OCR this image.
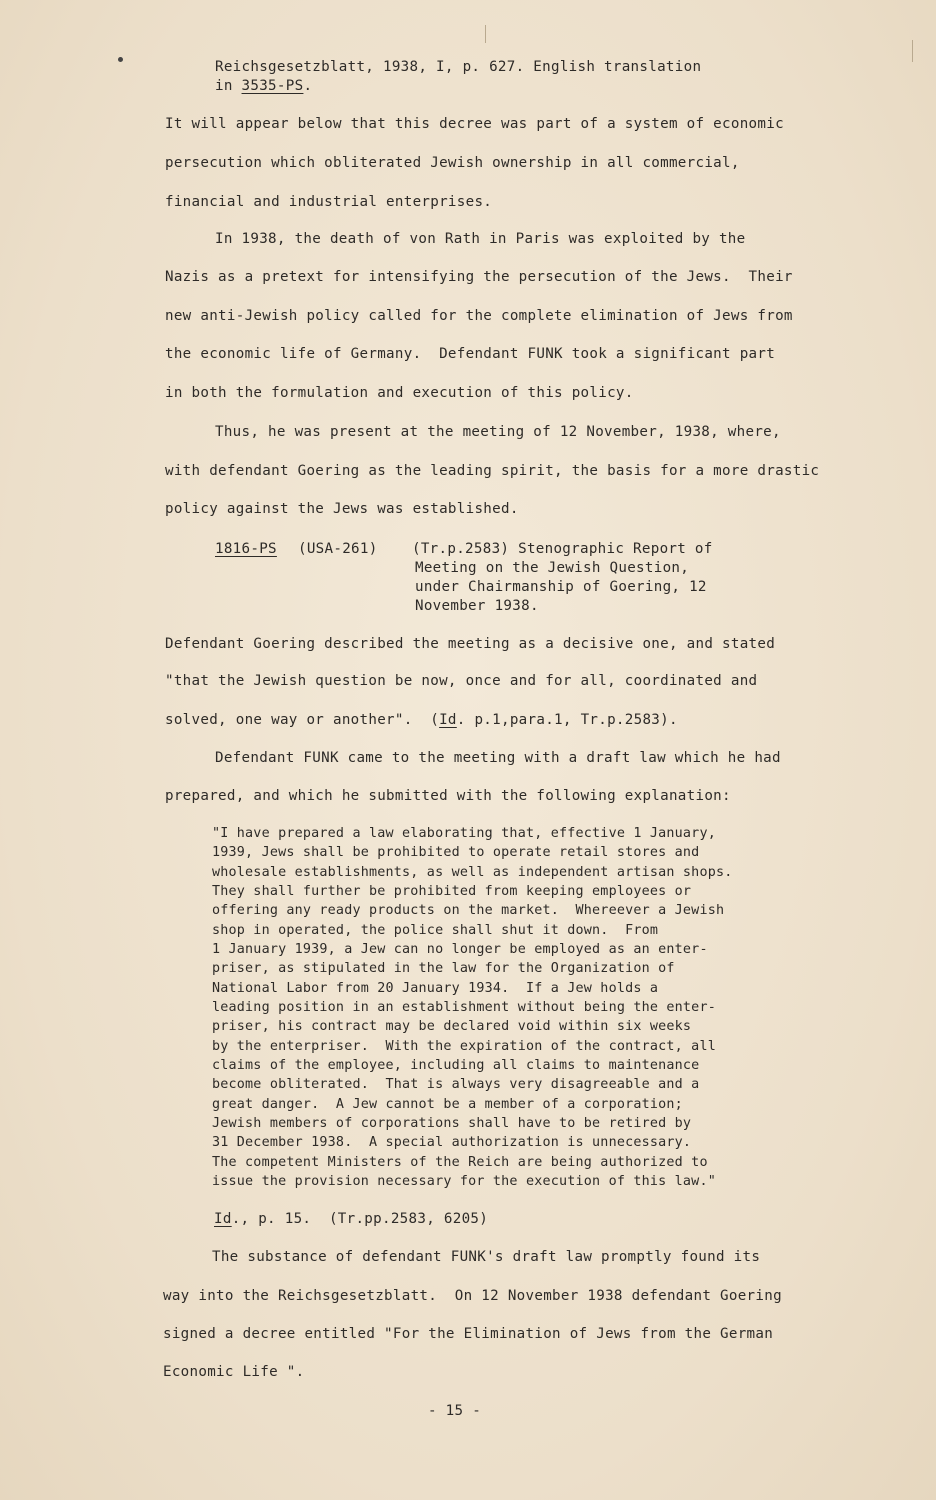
Reichsgesetzblatt, 1938, I, p. 627. English translation
in 3535-PS.
It will appear below that this decree was part of a system of economic
persecution which obliterated Jewish ownership in all commercial,
financial and industrial enterprises.
In 1938, the death of von Rath in Paris was exploited by the
Nazis as a pretext for intensifying the persecution of the Jews.  Their
new anti-Jewish policy called for the complete elimination of Jews from
the economic life of Germany.  Defendant FUNK took a significant part
in both the formulation and execution of this policy.
Thus, he was present at the meeting of 12 November, 1938, where,
with defendant Goering as the leading spirit, the basis for a more drastic
policy against the Jews was established.
1816-PS (USA-261) (Tr.p.2583) Stenographic Report of
Meeting on the Jewish Question,
under Chairmanship of Goering, 12
November 1938.
Defendant Goering described the meeting as a decisive one, and stated
"that the Jewish question be now, once and for all, coordinated and
solved, one way or another".  (Id. p.1,para.1, Tr.p.2583).
Defendant FUNK came to the meeting with a draft law which he had
prepared, and which he submitted with the following explanation:
"I have prepared a law elaborating that, effective 1 January,
1939, Jews shall be prohibited to operate retail stores and
wholesale establishments, as well as independent artisan shops.
They shall further be prohibited from keeping employees or
offering any ready products on the market.  Whereever a Jewish
shop in operated, the police shall shut it down.  From
1 January 1939, a Jew can no longer be employed as an enter-
priser, as stipulated in the law for the Organization of
National Labor from 20 January 1934.  If a Jew holds a
leading position in an establishment without being the enter-
priser, his contract may be declared void within six weeks
by the enterpriser.  With the expiration of the contract, all
claims of the employee, including all claims to maintenance
become obliterated.  That is always very disagreeable and a
great danger.  A Jew cannot be a member of a corporation;
Jewish members of corporations shall have to be retired by
31 December 1938.  A special authorization is unnecessary.
The competent Ministers of the Reich are being authorized to
issue the provision necessary for the execution of this law."
Id., p. 15.  (Tr.pp.2583, 6205)
The substance of defendant FUNK's draft law promptly found its
way into the Reichsgesetzblatt.  On 12 November 1938 defendant Goering
signed a decree entitled "For the Elimination of Jews from the German
Economic Life ".
- 15 -
